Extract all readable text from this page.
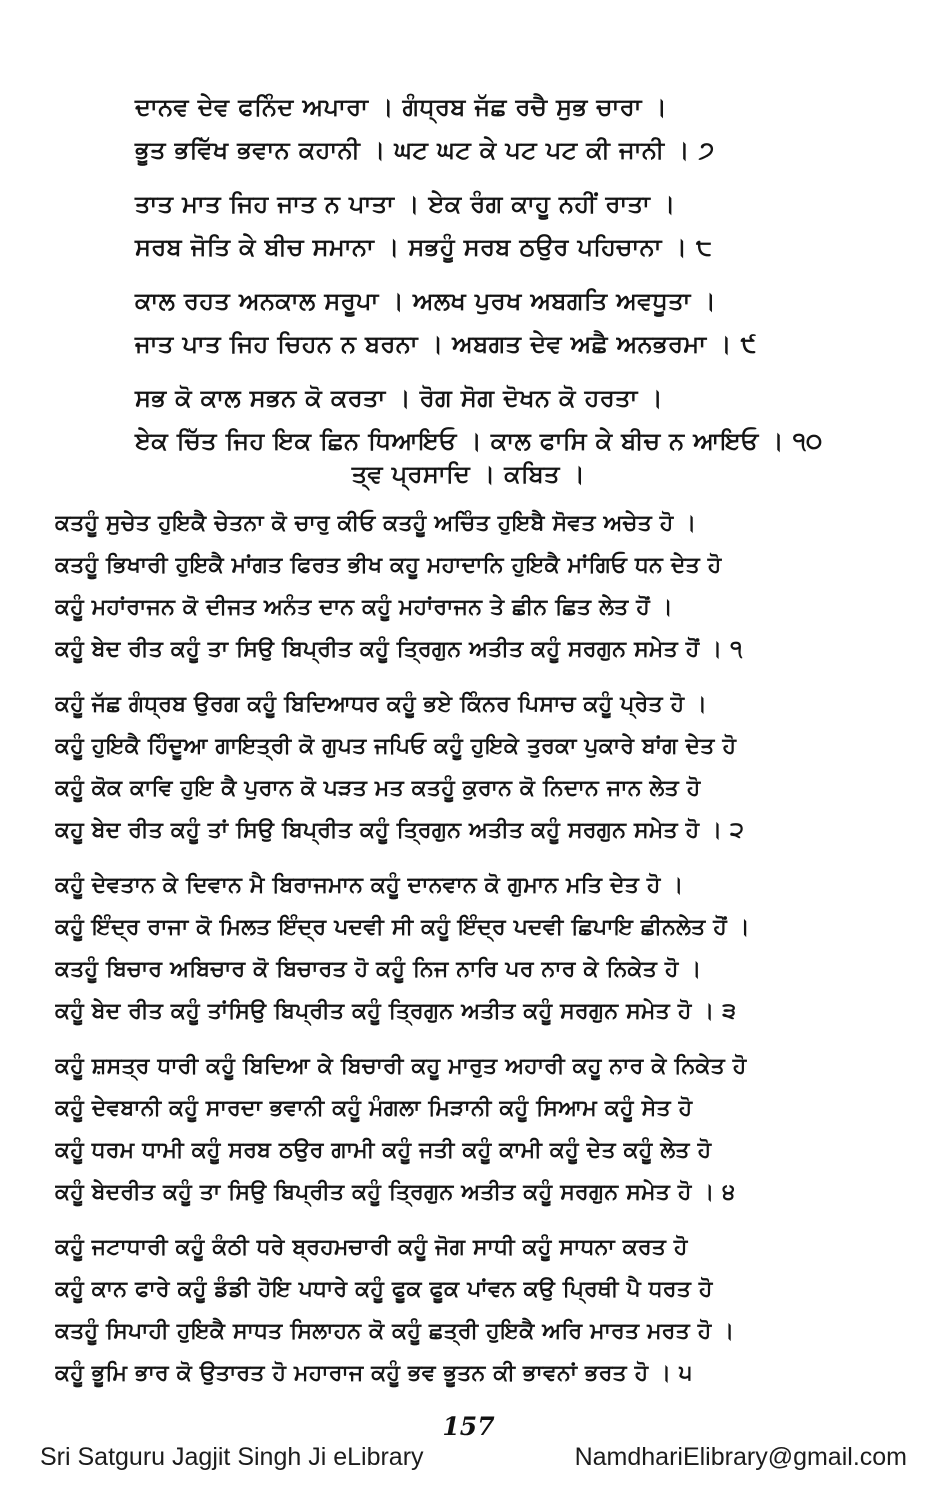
ਦਾਨਵ ਦੇਵ ਫਨਿੰਦ ਅਪਾਰਾ । ਗੰਧ੍ਰਬ ਜੱਛ ਰਚੈ ਸੁਭ ਚਾਰਾ ।
ਭੂਤ ਭਵਿੱਖ ਭਵਾਨ ਕਹਾਨੀ । ਘਟ ਘਟ ਕੇ ਪਟ ਪਟ ਕੀ ਜਾਨੀ । ੭
ਤਾਤ ਮਾਤ ਜਿਹ ਜਾਤ ਨ ਪਾਤਾ । ਏਕ ਰੰਗ ਕਾਹੂ ਨਹੀਂ ਰਾਤਾ ।
ਸਰਬ ਜੋਤਿ ਕੇ ਬੀਚ ਸਮਾਨਾ । ਸਭਹੂੰ ਸਰਬ ਠਉਰ ਪਹਿਚਾਨਾ । ੮
ਕਾਲ ਰਹਤ ਅਨਕਾਲ ਸਰੂਪਾ । ਅਲਖ ਪੁਰਖ ਅਬਗਤਿ ਅਵਧੂਤਾ ।
ਜਾਤ ਪਾਤ ਜਿਹ ਚਿਹਨ ਨ ਬਰਨਾ । ਅਬਗਤ ਦੇਵ ਅਛੈ ਅਨਭਰਮਾ । ੯
ਸਭ ਕੋ ਕਾਲ ਸਭਨ ਕੋ ਕਰਤਾ । ਰੋਗ ਸੋਗ ਦੋਖਨ ਕੋ ਹਰਤਾ ।
ਏਕ ਚਿੱਤ ਜਿਹ ਇਕ ਛਿਨ ਧਿਆਇਓ । ਕਾਲ ਫਾਸਿ ਕੇ ਬੀਚ ਨ ਆਇਓ । ੧੦
ਤ੍ਵ ਪ੍ਰਸਾਦਿ । ਕਬਿਤ ।
ਕਤਹੂੰ ਸੁਚੇਤ ਹੁਇਕੈ ਚੇਤਨਾ ਕੋ ਚਾਰੁ ਕੀਓ ਕਤਹੂੰ ਅਚਿੰਤ ਹੁਇਬੈ ਸੋਵਤ ਅਚੇਤ ਹੋ ।
ਕਤਹੂੰ ਭਿਖਾਰੀ ਹੁਇਕੈ ਮਾਂਗਤ ਫਿਰਤ ਭੀਖ ਕਹੂ ਮਹਾਦਾਨਿ ਹੁਇਕੈ ਮਾਂਗਿਓ ਧਨ ਦੇਤ ਹੋ
ਕਹੂੰ ਮਹਾਂਰਾਜਨ ਕੋ ਦੀਜਤ ਅਨੰਤ ਦਾਨ ਕਹੂੰ ਮਹਾਂਰਾਜਨ ਤੇ ਛੀਨ ਛਿਤ ਲੇਤ ਹੋਂ ।
ਕਹੂੰ ਬੇਦ ਰੀਤ ਕਹੂੰ ਤਾ ਸਿਉ ਬਿਪ੍ਰੀਤ ਕਹੂੰ ਤ੍ਰਿਗੁਨ ਅਤੀਤ ਕਹੂੰ ਸਰਗੁਨ ਸਮੇਤ ਹੋਂ । ੧
ਕਹੂੰ ਜੱਛ ਗੰਧ੍ਰਬ ਉਰਗ ਕਹੂੰ ਬਿਦਿਆਧਰ ਕਹੂੰ ਭਏ ਕਿੰਨਰ ਪਿਸਾਚ ਕਹੂੰ ਪ੍ਰੇਤ ਹੋ ।
ਕਹੂੰ ਹੁਇਕੈ ਹਿੰਦੂਆ ਗਾਇਤ੍ਰੀ ਕੋ ਗੁਪਤ ਜਪਿਓ ਕਹੂੰ ਹੁਇਕੇ ਤੁਰਕਾ ਪੁਕਾਰੇ ਬਾਂਗ ਦੇਤ ਹੋ
ਕਹੂੰ ਕੋਕ ਕਾਵਿ ਹੁਇ ਕੈ ਪੁਰਾਨ ਕੋ ਪੜਤ ਮਤ ਕਤਹੂੰ ਕੁਰਾਨ ਕੋ ਨਿਦਾਨ ਜਾਨ ਲੇਤ ਹੋ
ਕਹੂ ਬੇਦ ਰੀਤ ਕਹੂੰ ਤਾਂ ਸਿਉ ਬਿਪ੍ਰੀਤ ਕਹੂੰ ਤ੍ਰਿਗੁਨ ਅਤੀਤ ਕਹੂੰ ਸਰਗੁਨ ਸਮੇਤ ਹੋ । ੨
ਕਹੂੰ ਦੇਵਤਾਨ ਕੇ ਦਿਵਾਨ ਮੈ ਬਿਰਾਜਮਾਨ ਕਹੂੰ ਦਾਨਵਾਨ ਕੋ ਗੁਮਾਨ ਮਤਿ ਦੇਤ ਹੋ ।
ਕਹੂੰ ਇੰਦ੍ਰ ਰਾਜਾ ਕੋ ਮਿਲਤ ਇੰਦ੍ਰ ਪਦਵੀ ਸੀ ਕਹੂੰ ਇੰਦ੍ਰ ਪਦਵੀ ਛਿਪਾਇ ਛੀਨਲੇਤ ਹੋਂ ।
ਕਤਹੂੰ ਬਿਚਾਰ ਅਬਿਚਾਰ ਕੋ ਬਿਚਾਰਤ ਹੋ ਕਹੂੰ ਨਿਜ ਨਾਰਿ ਪਰ ਨਾਰ ਕੇ ਨਿਕੇਤ ਹੋ ।
ਕਹੂੰ ਬੇਦ ਰੀਤ ਕਹੂੰ ਤਾਂਸਿਉ ਬਿਪ੍ਰੀਤ ਕਹੂੰ ਤ੍ਰਿਗੁਨ ਅਤੀਤ ਕਹੂੰ ਸਰਗੁਨ ਸਮੇਤ ਹੋ । ੩
ਕਹੂੰ ਸ਼ਸਤ੍ਰ ਧਾਰੀ ਕਹੂੰ ਬਿਦਿਆ ਕੇ ਬਿਚਾਰੀ ਕਹੂ ਮਾਰੁਤ ਅਹਾਰੀ ਕਹੂ ਨਾਰ ਕੇ ਨਿਕੇਤ ਹੋ
ਕਹੂੰ ਦੇਵਬਾਨੀ ਕਹੂੰ ਸਾਰਦਾ ਭਵਾਨੀ ਕਹੂੰ ਮੰਗਲਾ ਮਿੜਾਨੀ ਕਹੂੰ ਸਿਆਮ ਕਹੂੰ ਸੇਤ ਹੋ
ਕਹੂੰ ਧਰਮ ਧਾਮੀ ਕਹੂੰ ਸਰਬ ਠਉਰ ਗਾਮੀ ਕਹੂੰ ਜਤੀ ਕਹੂੰ ਕਾਮੀ ਕਹੂੰ ਦੇਤ ਕਹੂੰ ਲੇਤ ਹੋ
ਕਹੂੰ ਬੇਦਰੀਤ ਕਹੂੰ ਤਾ ਸਿਉ ਬਿਪ੍ਰੀਤ ਕਹੂੰ ਤ੍ਰਿਗੁਨ ਅਤੀਤ ਕਹੂੰ ਸਰਗੁਨ ਸਮੇਤ ਹੋ । ੪
ਕਹੂੰ ਜਟਾਧਾਰੀ ਕਹੂੰ ਕੰਠੀ ਧਰੇ ਬ੍ਰਹਮਚਾਰੀ ਕਹੂੰ ਜੋਗ ਸਾਧੀ ਕਹੂੰ ਸਾਧਨਾ ਕਰਤ ਹੋ
ਕਹੂੰ ਕਾਨ ਫਾਰੇ ਕਹੂੰ ਡੰਡੀ ਹੋਇ ਪਧਾਰੇ ਕਹੂੰ ਫੂਕ ਫੂਕ ਪਾਂਵਨ ਕਉ ਪ੍ਰਿਥੀ ਪੈ ਧਰਤ ਹੋ
ਕਤਹੂੰ ਸਿਪਾਹੀ ਹੁਇਕੈ ਸਾਧਤ ਸਿਲਾਹਨ ਕੋ ਕਹੂੰ ਛਤ੍ਰੀ ਹੁਇਕੈ ਅਰਿ ਮਾਰਤ ਮਰਤ ਹੋ ।
ਕਹੂੰ ਭੂਮਿ ਭਾਰ ਕੋ ਉਤਾਰਤ ਹੋ ਮਹਾਰਾਜ ਕਹੂੰ ਭਵ ਭੂਤਨ ਕੀ ਭਾਵਨਾਂ ਭਰਤ ਹੋ । ੫
157
Sri Satguru Jagjit Singh Ji eLibrary	NamdhariElibrary@gmail.com
